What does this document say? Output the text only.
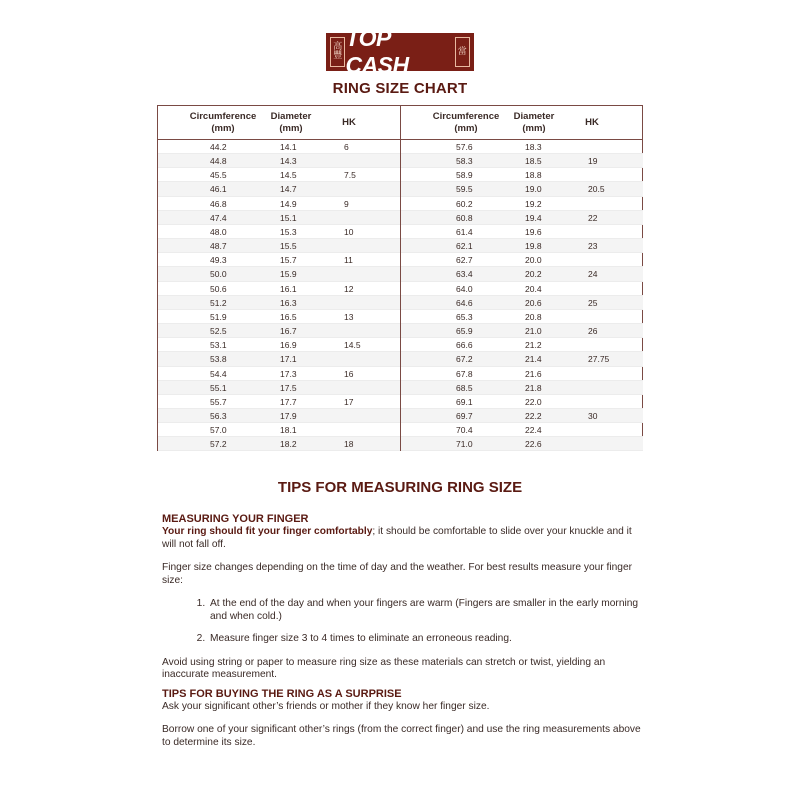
高
豐
TOP CASH
當
RING SIZE CHART
Circumference
(mm)
Diameter
(mm)
HK
44.2	14.1	6
44.8	14.3
45.5	14.5	7.5
46.1	14.7
46.8	14.9	9
47.4	15.1
48.0	15.3	10
48.7	15.5
49.3	15.7	11
50.0	15.9
50.6	16.1	12
51.2	16.3
51.9	16.5	13
52.5	16.7
53.1	16.9	14.5
53.8	17.1
54.4	17.3	16
55.1	17.5
55.7	17.7	17
56.3	17.9
57.0	18.1
57.2	18.2	18
Circumference
(mm)
Diameter
(mm)
HK
57.6	18.3
58.3	18.5	19
58.9	18.8
59.5	19.0	20.5
60.2	19.2
60.8	19.4	22
61.4	19.6
62.1	19.8	23
62.7	20.0
63.4	20.2	24
64.0	20.4
64.6	20.6	25
65.3	20.8
65.9	21.0	26
66.6	21.2
67.2	21.4	27.75
67.8	21.6
68.5	21.8
69.1	22.0
69.7	22.2	30
70.4	22.4
71.0	22.6
TIPS FOR MEASURING RING SIZE
MEASURING YOUR FINGER

Your ring should fit your finger comfortably; it should be comfortable to slide over your knuckle and it will not fall off.

Finger size changes depending on the time of day and the weather. For best results measure your finger size:

1. At the end of the day and when your fingers are warm (Fingers are smaller in the early morning and when cold.)
2. Measure finger size 3 to 4 times to eliminate an erroneous reading.

Avoid using string or paper to measure ring size as these materials can stretch or twist, yielding an inaccurate measurement.

TIPS FOR BUYING THE RING AS A SURPRISE

Ask your significant other’s friends or mother if they know her finger size.

Borrow one of your significant other’s rings (from the correct finger) and use the ring measurements above to determine its size.
